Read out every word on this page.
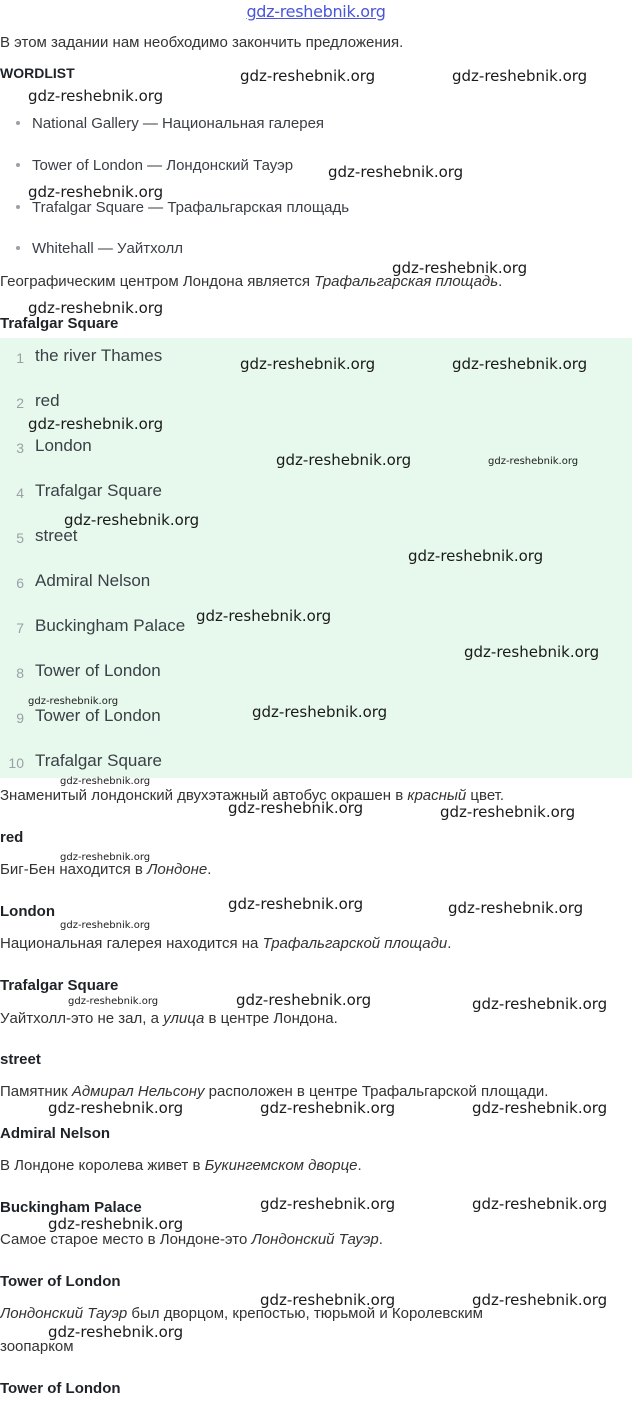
gdz-reshebnik.org
В этом задании нам необходимо закончить предложения.
WORDLIST
National Gallery — Национальная галерея
Tower of London — Лондонский Тауэр
Trafalgar Square — Трафальгарская площадь
Whitehall — Уайтхолл
Географическим центром Лондона является Трафальгарская площадь.
Trafalgar Square
1 the river Thames
2 red
3 London
4 Trafalgar Square
5 street
6 Admiral Nelson
7 Buckingham Palace
8 Tower of London
9 Tower of London
10 Trafalgar Square
Знаменитый лондонский двухэтажный автобус окрашен в красный цвет.
red
Биг-Бен находится в Лондоне.
London
Национальная галерея находится на Трафальгарской площади.
Trafalgar Square
Уайтхолл-это не зал, а улица в центре Лондона.
street
Памятник Адмирал Нельсону расположен в центре Трафальгарской площади.
Admiral Nelson
В Лондоне королева живет в Букингемском дворце.
Buckingham Palace
Самое старое место в Лондоне-это Лондонский Тауэр.
Tower of London
Лондонский Тауэр был дворцом, крепостью, тюрьмой и Королевским
зоопарком
Tower of London
gdz-reshebnik.org	gdz-reshebnik.org
gdz-reshebnik.org
gdz-reshebnik.org
gdz-reshebnik.org
gdz-reshebnik.org
gdz-reshebnik.org
gdz-reshebnik.org	gdz-reshebnik.org
gdz-reshebnik.org
gdz-reshebnik.org	gdz-reshebnik.org
gdz-reshebnik.org
gdz-reshebnik.org
gdz-reshebnik.org
gdz-reshebnik.org
gdz-reshebnik.org
gdz-reshebnik.org
gdz-reshebnik.org
gdz-reshebnik.org	gdz-reshebnik.org
gdz-reshebnik.org
gdz-reshebnik.org	gdz-reshebnik.org
gdz-reshebnik.org
gdz-reshebnik.org	gdz-reshebnik.org	gdz-reshebnik.org
gdz-reshebnik.org	gdz-reshebnik.org	gdz-reshebnik.org
gdz-reshebnik.org	gdz-reshebnik.org
gdz-reshebnik.org
gdz-reshebnik.org	gdz-reshebnik.org
gdz-reshebnik.org
